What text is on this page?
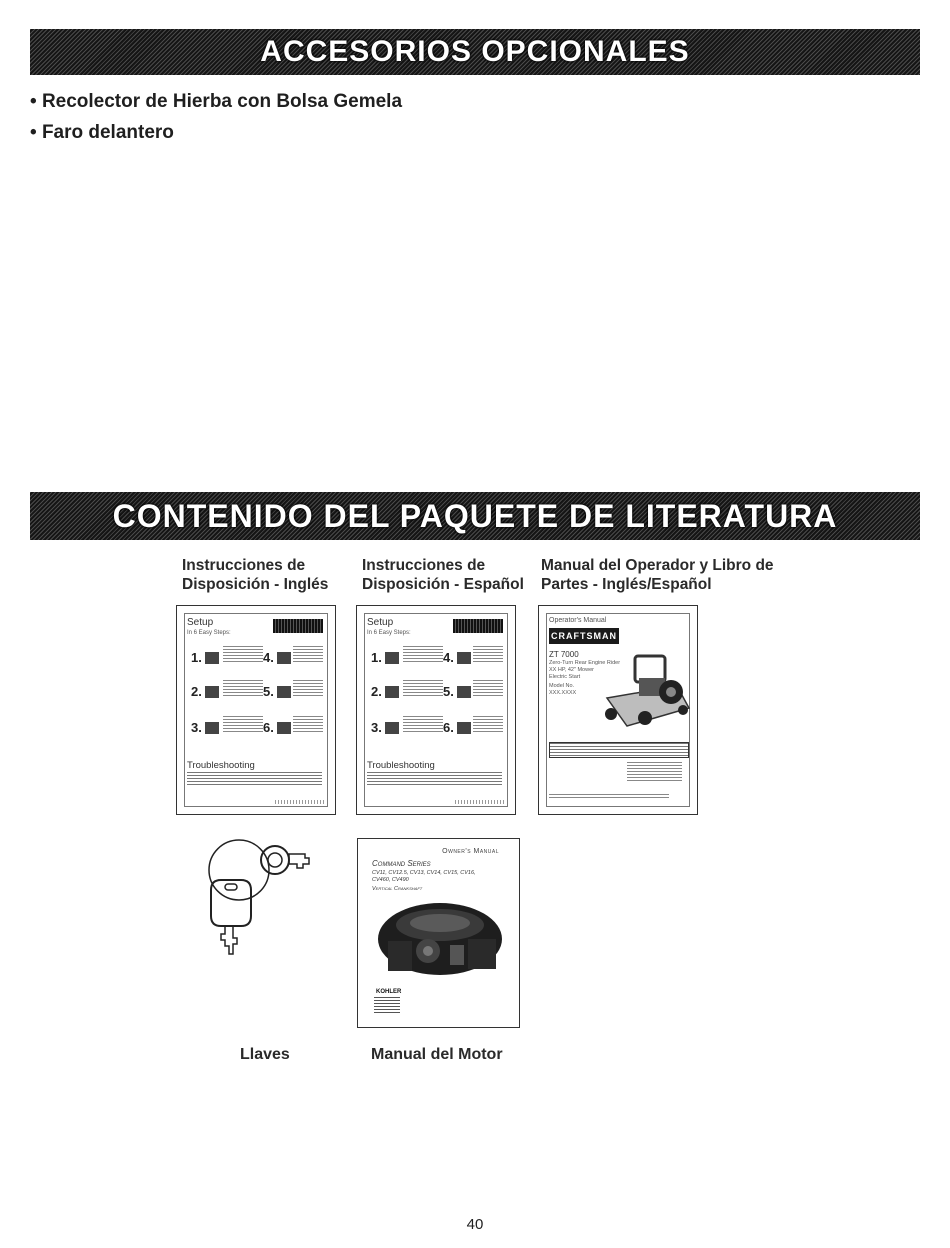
ACCESORIOS OPCIONALES
• Recolector de Hierba con Bolsa Gemela
• Faro delantero
CONTENIDO DEL PAQUETE DE LITERATURA
Instrucciones de
Disposición - Inglés
Instrucciones de
Disposición - Español
Manual del Operador y Libro de
Partes - Inglés/Español
Setup
In 6 Easy Steps:
1.	4.
2.	5.
3.	6.
Troubleshooting
Setup
In 6 Easy Steps:
1.	4.
2.	5.
3.	6.
Troubleshooting
Operator's Manual
CRAFTSMAN
ZT 7000
Zero-Turn Rear Engine Rider
XX HP, 42" Mower
Electric Start
Model No.
XXX.XXXX
Owner's Manual
Command Series
CV11, CV12.5, CV13, CV14, CV15, CV16, CV460, CV490
Vertical Crankshaft
KOHLER
Llaves	Manual del Motor
40
